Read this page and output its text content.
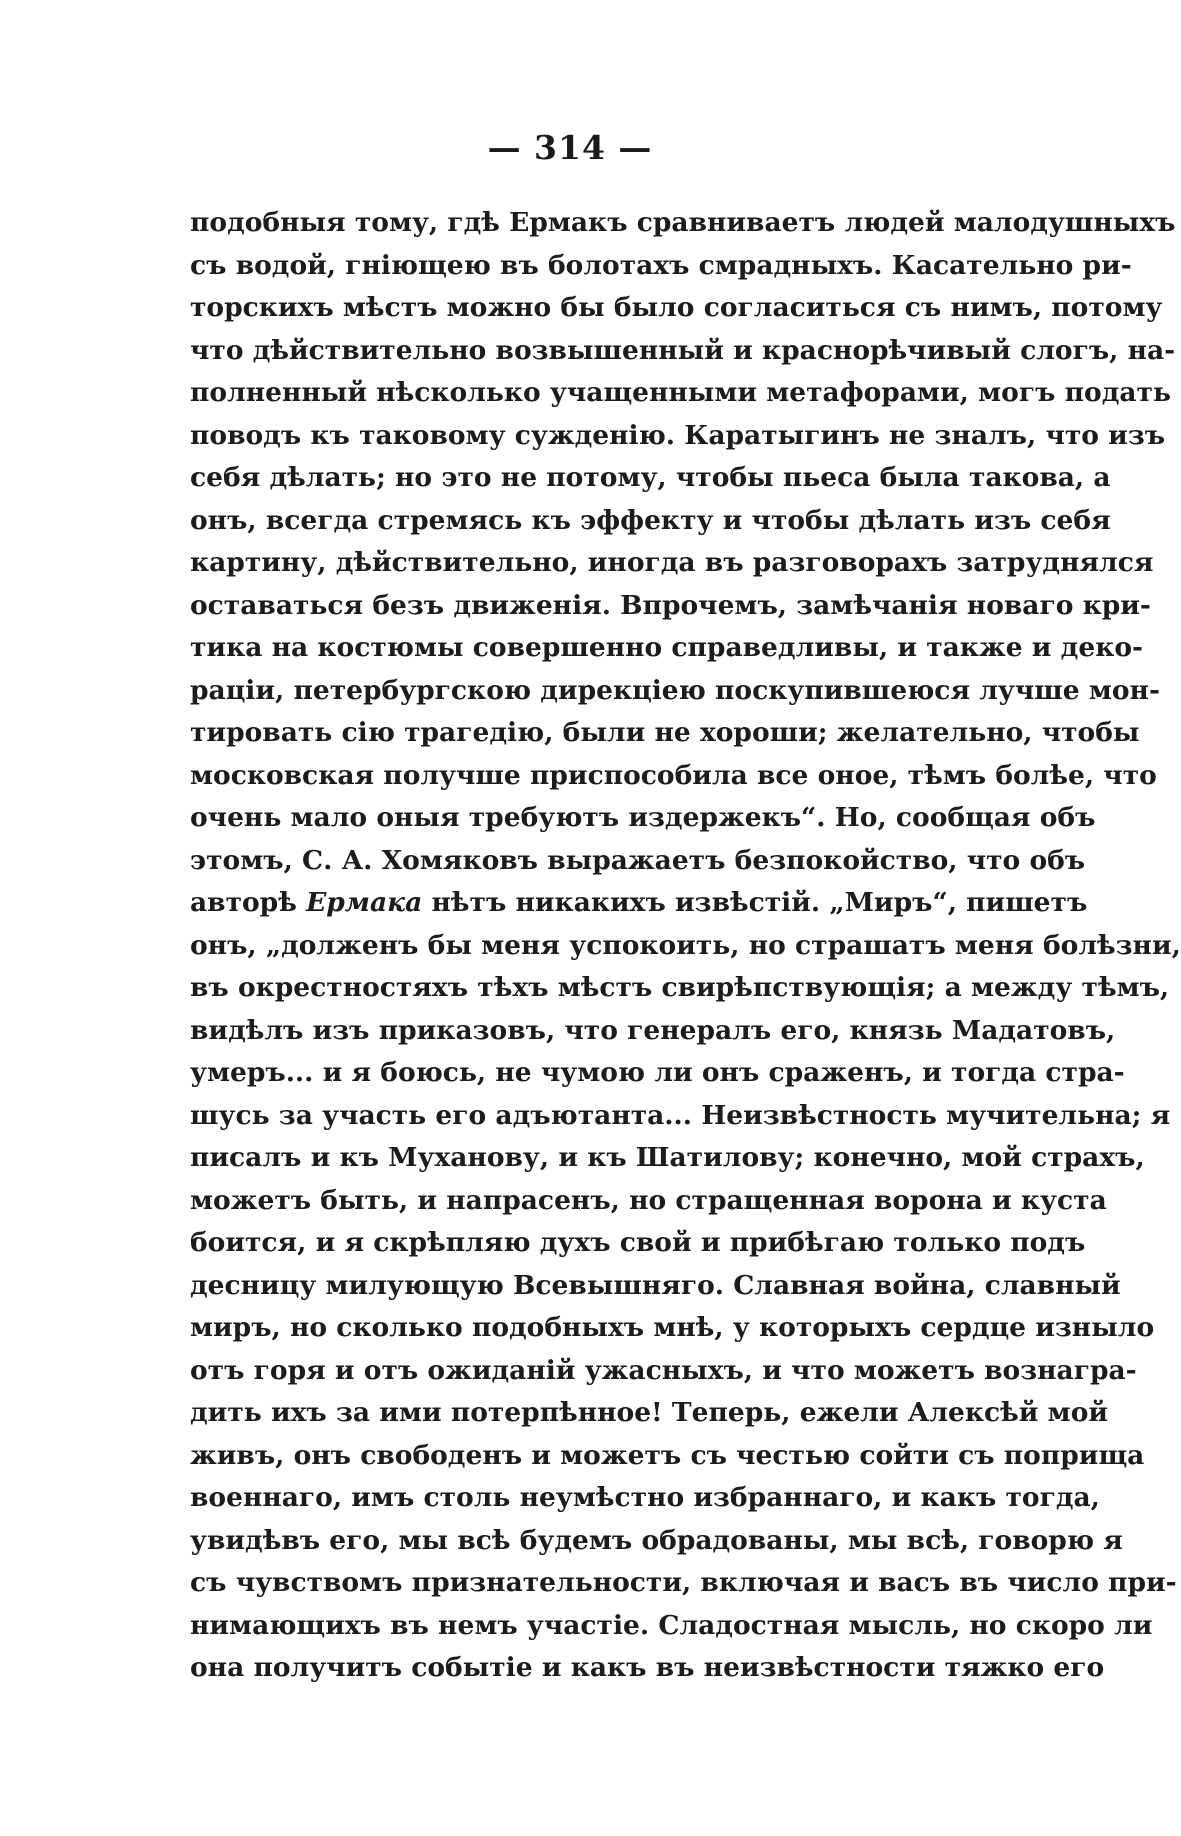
— 314 —
подобныя тому, гдѣ Ермакъ сравниваетъ людей малодушныхъ
съ водой, гніющею въ болотахъ смрадныхъ. Касательно ри-
торскихъ мѣстъ можно бы было согласиться съ нимъ, потому
что дѣйствительно возвышенный и краснорѣчивый слогъ, на-
полненный нѣсколько учащенными метафорами, могъ подать
поводъ къ таковому сужденію. Каратыгинъ не зналъ, что изъ
себя дѣлать; но это не потому, чтобы пьеса была такова, а
онъ, всегда стремясь къ эффекту и чтобы дѣлать изъ себя
картину, дѣйствительно, иногда въ разговорахъ затруднялся
оставаться безъ движенія. Впрочемъ, замѣчанія новаго кри-
тика на костюмы совершенно справедливы, и также и деко-
раціи, петербургскою дирекціею поскупившеюся лучше мон-
тировать сію трагедію, были не хороши; желательно, чтобы
московская получше приспособила все оное, тѣмъ болѣе, что
очень мало оныя требуютъ издержекъ“. Но, сообщая объ
этомъ, С. А. Хомяковъ выражаетъ безпокойство, что объ
авторѣ Ермака нѣтъ никакихъ извѣстій. „Миръ“, пишетъ
онъ, „долженъ бы меня успокоить, но страшатъ меня болѣзни,
въ окрестностяхъ тѣхъ мѣстъ свирѣпствующія; а между тѣмъ,
видѣлъ изъ приказовъ, что генералъ его, князь Мадатовъ,
умеръ... и я боюсь, не чумою ли онъ сраженъ, и тогда стра-
шусь за участь его адъютанта... Неизвѣстность мучительна; я
писалъ и къ Муханову, и къ Шатилову; конечно, мой страхъ,
можетъ быть, и напрасенъ, но стращенная ворона и куста
боится, и я скрѣпляю духъ свой и прибѣгаю только подъ
десницу милующую Всевышняго. Славная война, славный
миръ, но сколько подобныхъ мнѣ, у которыхъ сердце изныло
отъ горя и отъ ожиданій ужасныхъ, и что можетъ вознагра-
дить ихъ за ими потерпѣнное! Теперь, ежели Алексѣй мой
живъ, онъ свободенъ и можетъ съ честью сойти съ поприща
военнаго, имъ столь неумѣстно избраннаго, и какъ тогда,
увидѣвъ его, мы всѣ будемъ обрадованы, мы всѣ, говорю я
съ чувствомъ признательности, включая и васъ въ число при-
нимающихъ въ немъ участіе. Сладостная мысль, но скоро ли
она получитъ событіе и какъ въ неизвѣстности тяжко его
